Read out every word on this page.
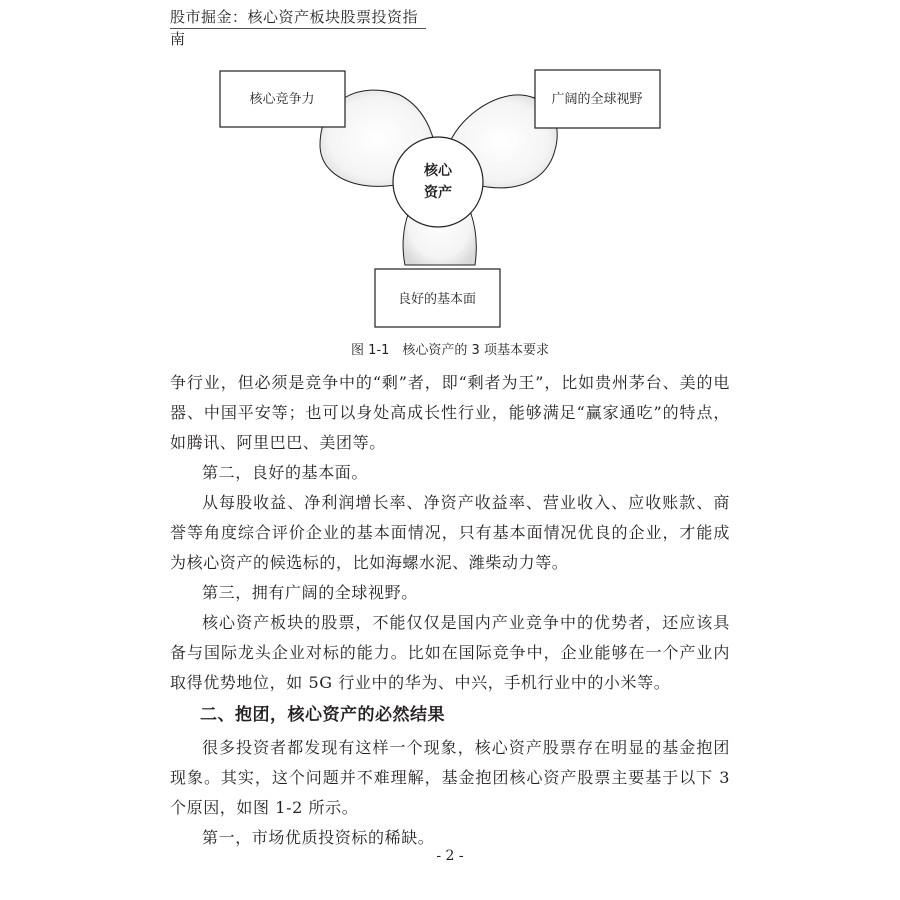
股市掘金：核心资产板块股票投资指南
核心
资产
核心竞争力	广阔的全球视野
良好的基本面
图 1-1　核心资产的 3 项基本要求

争行业，但必须是竞争中的“剩”者，即“剩者为王”，比如贵州茅台、美的电器、中国平安等；也可以身处高成长性行业，能够满足“赢家通吃”的特点，如腾讯、阿里巴巴、美团等。

第二，良好的基本面。

从每股收益、净利润增长率、净资产收益率、营业收入、应收账款、商誉等角度综合评价企业的基本面情况，只有基本面情况优良的企业，才能成为核心资产的候选标的，比如海螺水泥、潍柴动力等。

第三，拥有广阔的全球视野。

核心资产板块的股票，不能仅仅是国内产业竞争中的优势者，还应该具备与国际龙头企业对标的能力。比如在国际竞争中，企业能够在一个产业内取得优势地位，如 5G 行业中的华为、中兴，手机行业中的小米等。

二、抱团，核心资产的必然结果

很多投资者都发现有这样一个现象，核心资产股票存在明显的基金抱团现象。其实，这个问题并不难理解，基金抱团核心资产股票主要基于以下 3 个原因，如图 1-2 所示。

第一，市场优质投资标的稀缺。

- 2 -
